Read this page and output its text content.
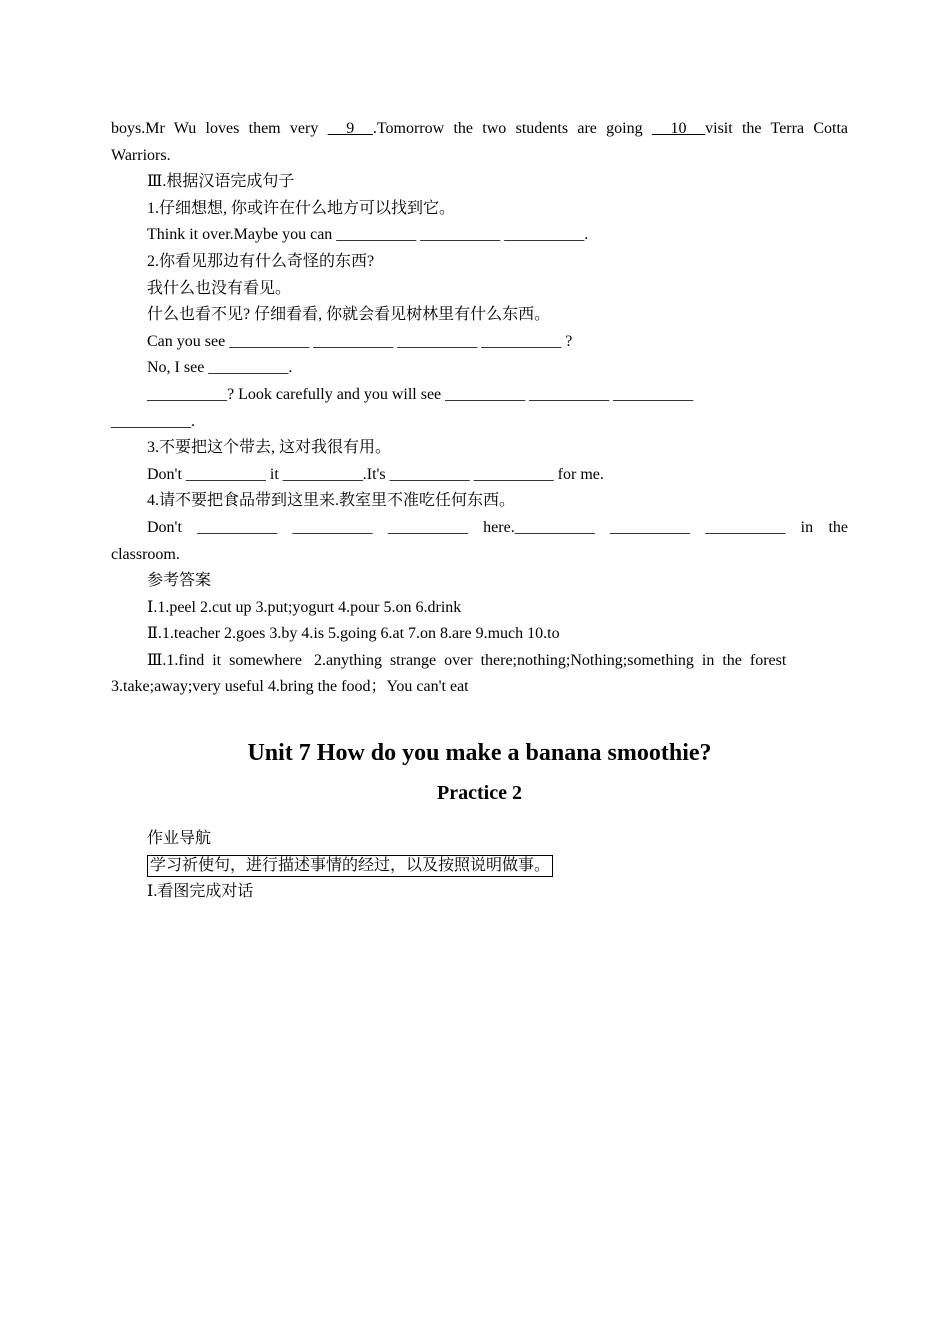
boys.Mr Wu loves them very   9  .Tomorrow the two students are going   10  visit the Terra Cotta
Warriors.
Ⅲ.根据汉语完成句子
1.仔细想想, 你或许在什么地方可以找到它。
Think it over.Maybe you can __________ __________ __________.
2.你看见那边有什么奇怪的东西?
我什么也没有看见。
什么也看不见? 仔细看看, 你就会看见树林里有什么东西。
Can you see __________ __________ __________ __________ ?
No, I see __________.
__________? Look carefully and you will see __________ __________ __________
__________.
3.不要把这个带去, 这对我很有用。
Don't __________ it __________.It's __________ __________ for me.
4.请不要把食品带到这里来.教室里不准吃任何东西。
Don't __________ __________ __________ here.__________ __________ __________ in the
classroom.
参考答案
Ⅰ.1.peel 2.cut up 3.put;yogurt 4.pour 5.on 6.drink
Ⅱ.1.teacher 2.goes 3.by 4.is 5.going 6.at 7.on 8.are 9.much 10.to
Ⅲ.1.find  it  somewhere   2.anything  strange  over  there;nothing;Nothing;something  in  the  forest
3.take;away;very useful 4.bring the food；You can't eat
Unit 7 How do you make a banana smoothie?
Practice 2
作业导航
学习祈使句，进行描述事情的经过，以及按照说明做事。
Ⅰ.看图完成对话
